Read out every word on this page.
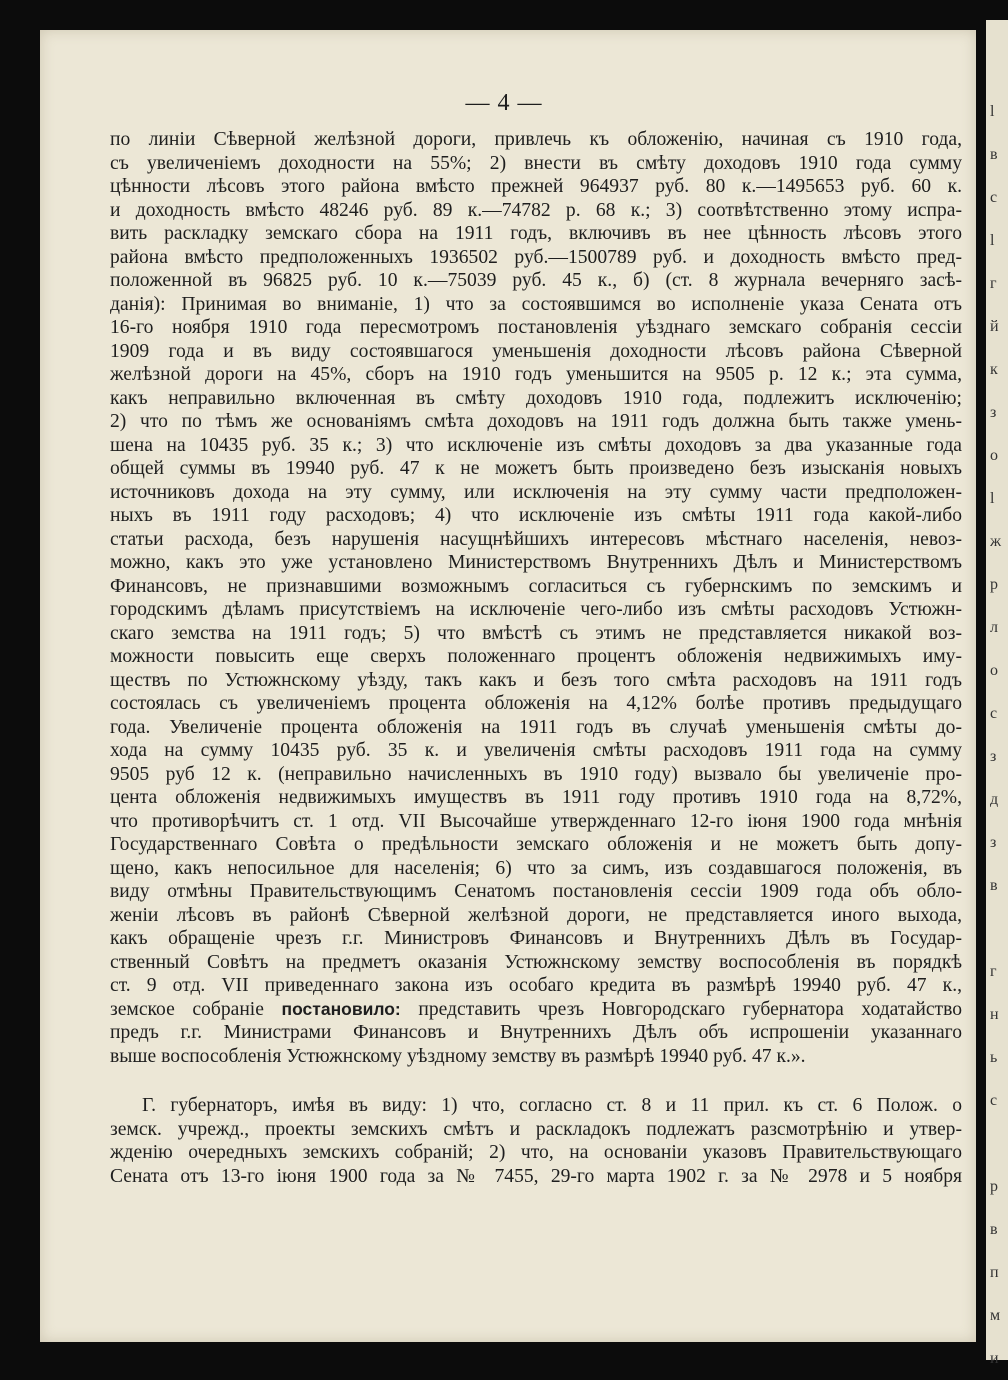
l
в
с
l
г
й
к
з
о
l
ж
р
л
о
с
з
д
з
в
г
н
ь
с
р
в
п
м
и
— 4 —
по линіи Сѣверной желѣзной дороги, привлечь къ обложенію, начиная съ 1910 года,
съ увеличеніемъ доходности на 55%; 2) внести въ смѣту доходовъ 1910 года сумму
цѣнности лѣсовъ этого района вмѣсто прежней 964937 руб. 80 к.—1495653 руб. 60 к.
и доходность вмѣсто 48246 руб. 89 к.—74782 р. 68 к.; 3) соотвѣтственно этому испра-
вить раскладку земскаго сбора на 1911 годъ, включивъ въ нее цѣнность лѣсовъ этого
района вмѣсто предположенныхъ 1936502 руб.—1500789 руб. и доходность вмѣсто пред-
положенной въ 96825 руб. 10 к.—75039 руб. 45 к., б) (ст. 8 журнала вечерняго засѣ-
данія): Принимая во вниманіе, 1) что за состоявшимся во исполненіе указа Сената отъ
16-го ноября 1910 года пересмотромъ постановленія уѣзднаго земскаго собранія сессіи
1909 года и въ виду состоявшагося уменьшенія доходности лѣсовъ района Сѣверной
желѣзной дороги на 45%, сборъ на 1910 годъ уменьшится на 9505 р. 12 к.; эта сумма,
какъ неправильно включенная въ смѣту доходовъ 1910 года, подлежитъ исключенію;
2) что по тѣмъ же основаніямъ смѣта доходовъ на 1911 годъ должна быть также умень-
шена на 10435 руб. 35 к.; 3) что исключеніе изъ смѣты доходовъ за два указанные года
общей суммы въ 19940 руб. 47 к не можетъ быть произведено безъ изысканія новыхъ
источниковъ дохода на эту сумму, или исключенія на эту сумму части предположен-
ныхъ въ 1911 году расходовъ; 4) что исключеніе изъ смѣты 1911 года какой-либо
статьи расхода, безъ нарушенія насущнѣйшихъ интересовъ мѣстнаго населенія, невоз-
можно, какъ это уже установлено Министерствомъ Внутреннихъ Дѣлъ и Министерствомъ
Финансовъ, не признавшими возможнымъ согласиться съ губернскимъ по земскимъ и
городскимъ дѣламъ присутствіемъ на исключеніе чего-либо изъ смѣты расходовъ Устюжн-
скаго земства на 1911 годъ; 5) что вмѣстѣ съ этимъ не представляется никакой воз-
можности повысить еще сверхъ положеннаго процентъ обложенія недвижимыхъ иму-
ществъ по Устюжнскому уѣзду, такъ какъ и безъ того смѣта расходовъ на 1911 годъ
состоялась съ увеличеніемъ процента обложенія на 4,12% болѣе противъ предыдущаго
года. Увеличеніе процента обложенія на 1911 годъ въ случаѣ уменьшенія смѣты до-
хода на сумму 10435 руб. 35 к. и увеличенія смѣты расходовъ 1911 года на сумму
9505 руб 12 к. (неправильно начисленныхъ въ 1910 году) вызвало бы увеличеніе про-
цента обложенія недвижимыхъ имуществъ въ 1911 году противъ 1910 года на 8,72%,
что противорѣчитъ ст. 1 отд. VII Высочайше утвержденнаго 12-го іюня 1900 года мнѣнія
Государственнаго Совѣта о предѣльности земскаго обложенія и не можетъ быть допу-
щено, какъ непосильное для населенія; 6) что за симъ, изъ создавшагося положенія, въ
виду отмѣны Правительствующимъ Сенатомъ постановленія сессіи 1909 года объ обло-
женіи лѣсовъ въ районѣ Сѣверной желѣзной дороги, не представляется иного выхода,
какъ обращеніе чрезъ г.г. Министровъ Финансовъ и Внутреннихъ Дѣлъ въ Государ-
ственный Совѣтъ на предметъ оказанія Устюжнскому земству воспособленія въ порядкѣ
ст. 9 отд. VII приведеннаго закона изъ особаго кредита въ размѣрѣ 19940 руб. 47 к.,
земское собраніе постановило: представить чрезъ Новгородскаго губернатора ходатайство
предъ г.г. Министрами Финансовъ и Внутреннихъ Дѣлъ объ испрошеніи указаннаго
выше воспособленія Устюжнскому уѣздному земству въ размѣрѣ 19940 руб. 47 к.».
Г. губернаторъ, имѣя въ виду: 1) что, согласно ст. 8 и 11 прил. къ ст. 6 Полож. о
земск. учрежд., проекты земскихъ смѣтъ и раскладокъ подлежатъ разсмотрѣнію и утвер-
жденію очередныхъ земскихъ собраній; 2) что, на основаніи указовъ Правительствующаго
Сената отъ 13-го іюня 1900 года за № 7455, 29-го марта 1902 г. за № 2978 и 5 ноября
